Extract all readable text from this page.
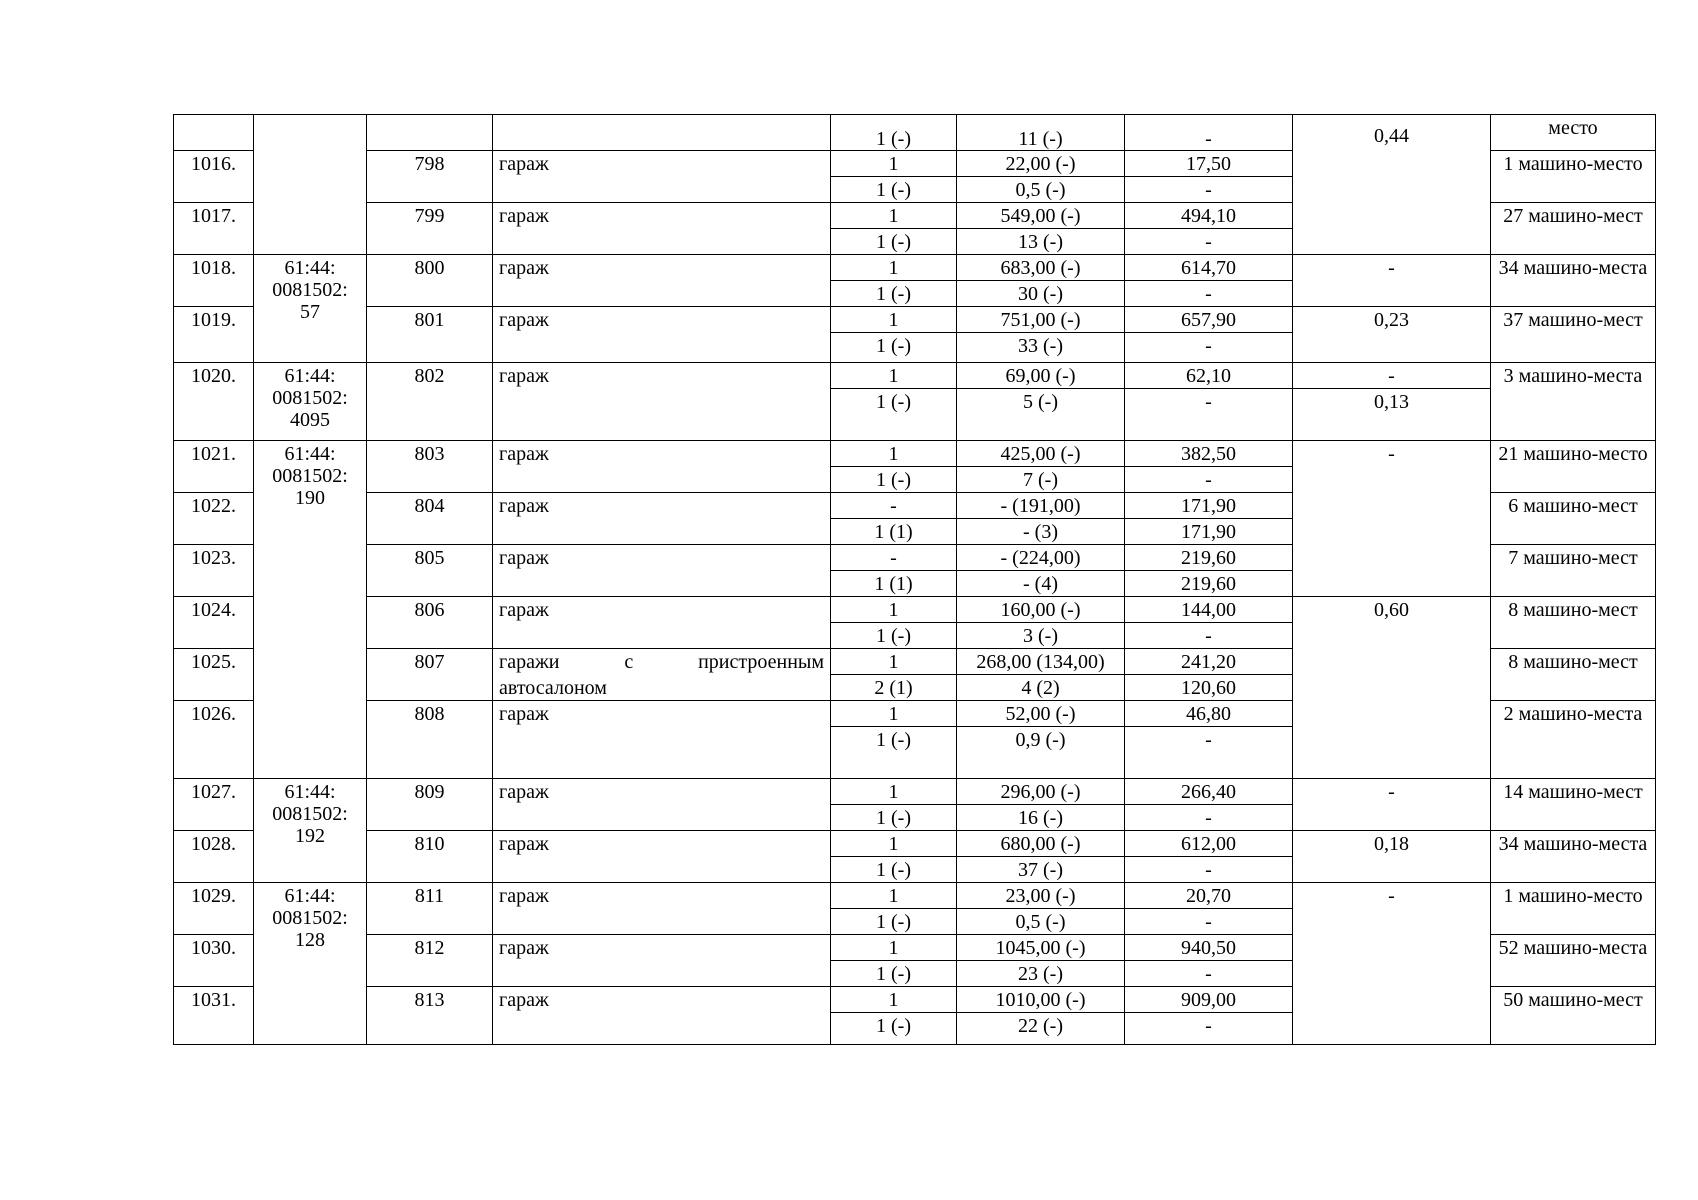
				1 (-)	11 (-)	-	0,44	место
1016.		798	гараж	1	22,00 (-)	17,50		1 машино-место
				1 (-)	0,5 (-)	-		
1017.		799	гараж	1	549,00 (-)	494,10		27 машино-мест
				1 (-)	13 (-)	-		
1018.	61:44: 0081502: 57	800	гараж	1	683,00 (-)	614,70	-	34 машино-места
				1 (-)	30 (-)	-		
1019.		801	гараж	1	751,00 (-)	657,90	0,23	37 машино-мест
				1 (-)	33 (-)	-		
1020.	61:44: 0081502: 4095	802	гараж	1	69,00 (-)	62,10	-	3 машино-места
				1 (-)	5 (-)	-	0,13	
1021.	61:44: 0081502: 190	803	гараж	1	425,00 (-)	382,50	-	21 машино-место
				1 (-)	7 (-)	-		
1022.		804	гараж	-	- (191,00)	171,90		6 машино-мест
				1 (1)	- (3)	171,90		
1023.		805	гараж	-	- (224,00)	219,60		7 машино-мест
				1 (1)	- (4)	219,60		
1024.		806	гараж	1	160,00 (-)	144,00	0,60	8 машино-мест
				1 (-)	3 (-)	-		
1025.		807	гаражи с пристроенным	1	268,00 (134,00)	241,20		8 машино-мест
			автосалоном	2 (1)	4 (2)	120,60		
1026.		808	гараж	1	52,00 (-)	46,80		2 машино-места
				1 (-)	0,9 (-)	-		
1027.	61:44: 0081502: 192	809	гараж	1	296,00 (-)	266,40	-	14 машино-мест
				1 (-)	16 (-)	-		
1028.		810	гараж	1	680,00 (-)	612,00	0,18	34 машино-места
				1 (-)	37 (-)	-		
1029.	61:44: 0081502: 128	811	гараж	1	23,00 (-)	20,70	-	1 машино-место
				1 (-)	0,5 (-)	-		
1030.		812	гараж	1	1045,00 (-)	940,50		52 машино-места
				1 (-)	23 (-)	-		
1031.		813	гараж	1	1010,00 (-)	909,00		50 машино-мест
				1 (-)	22 (-)	-		
